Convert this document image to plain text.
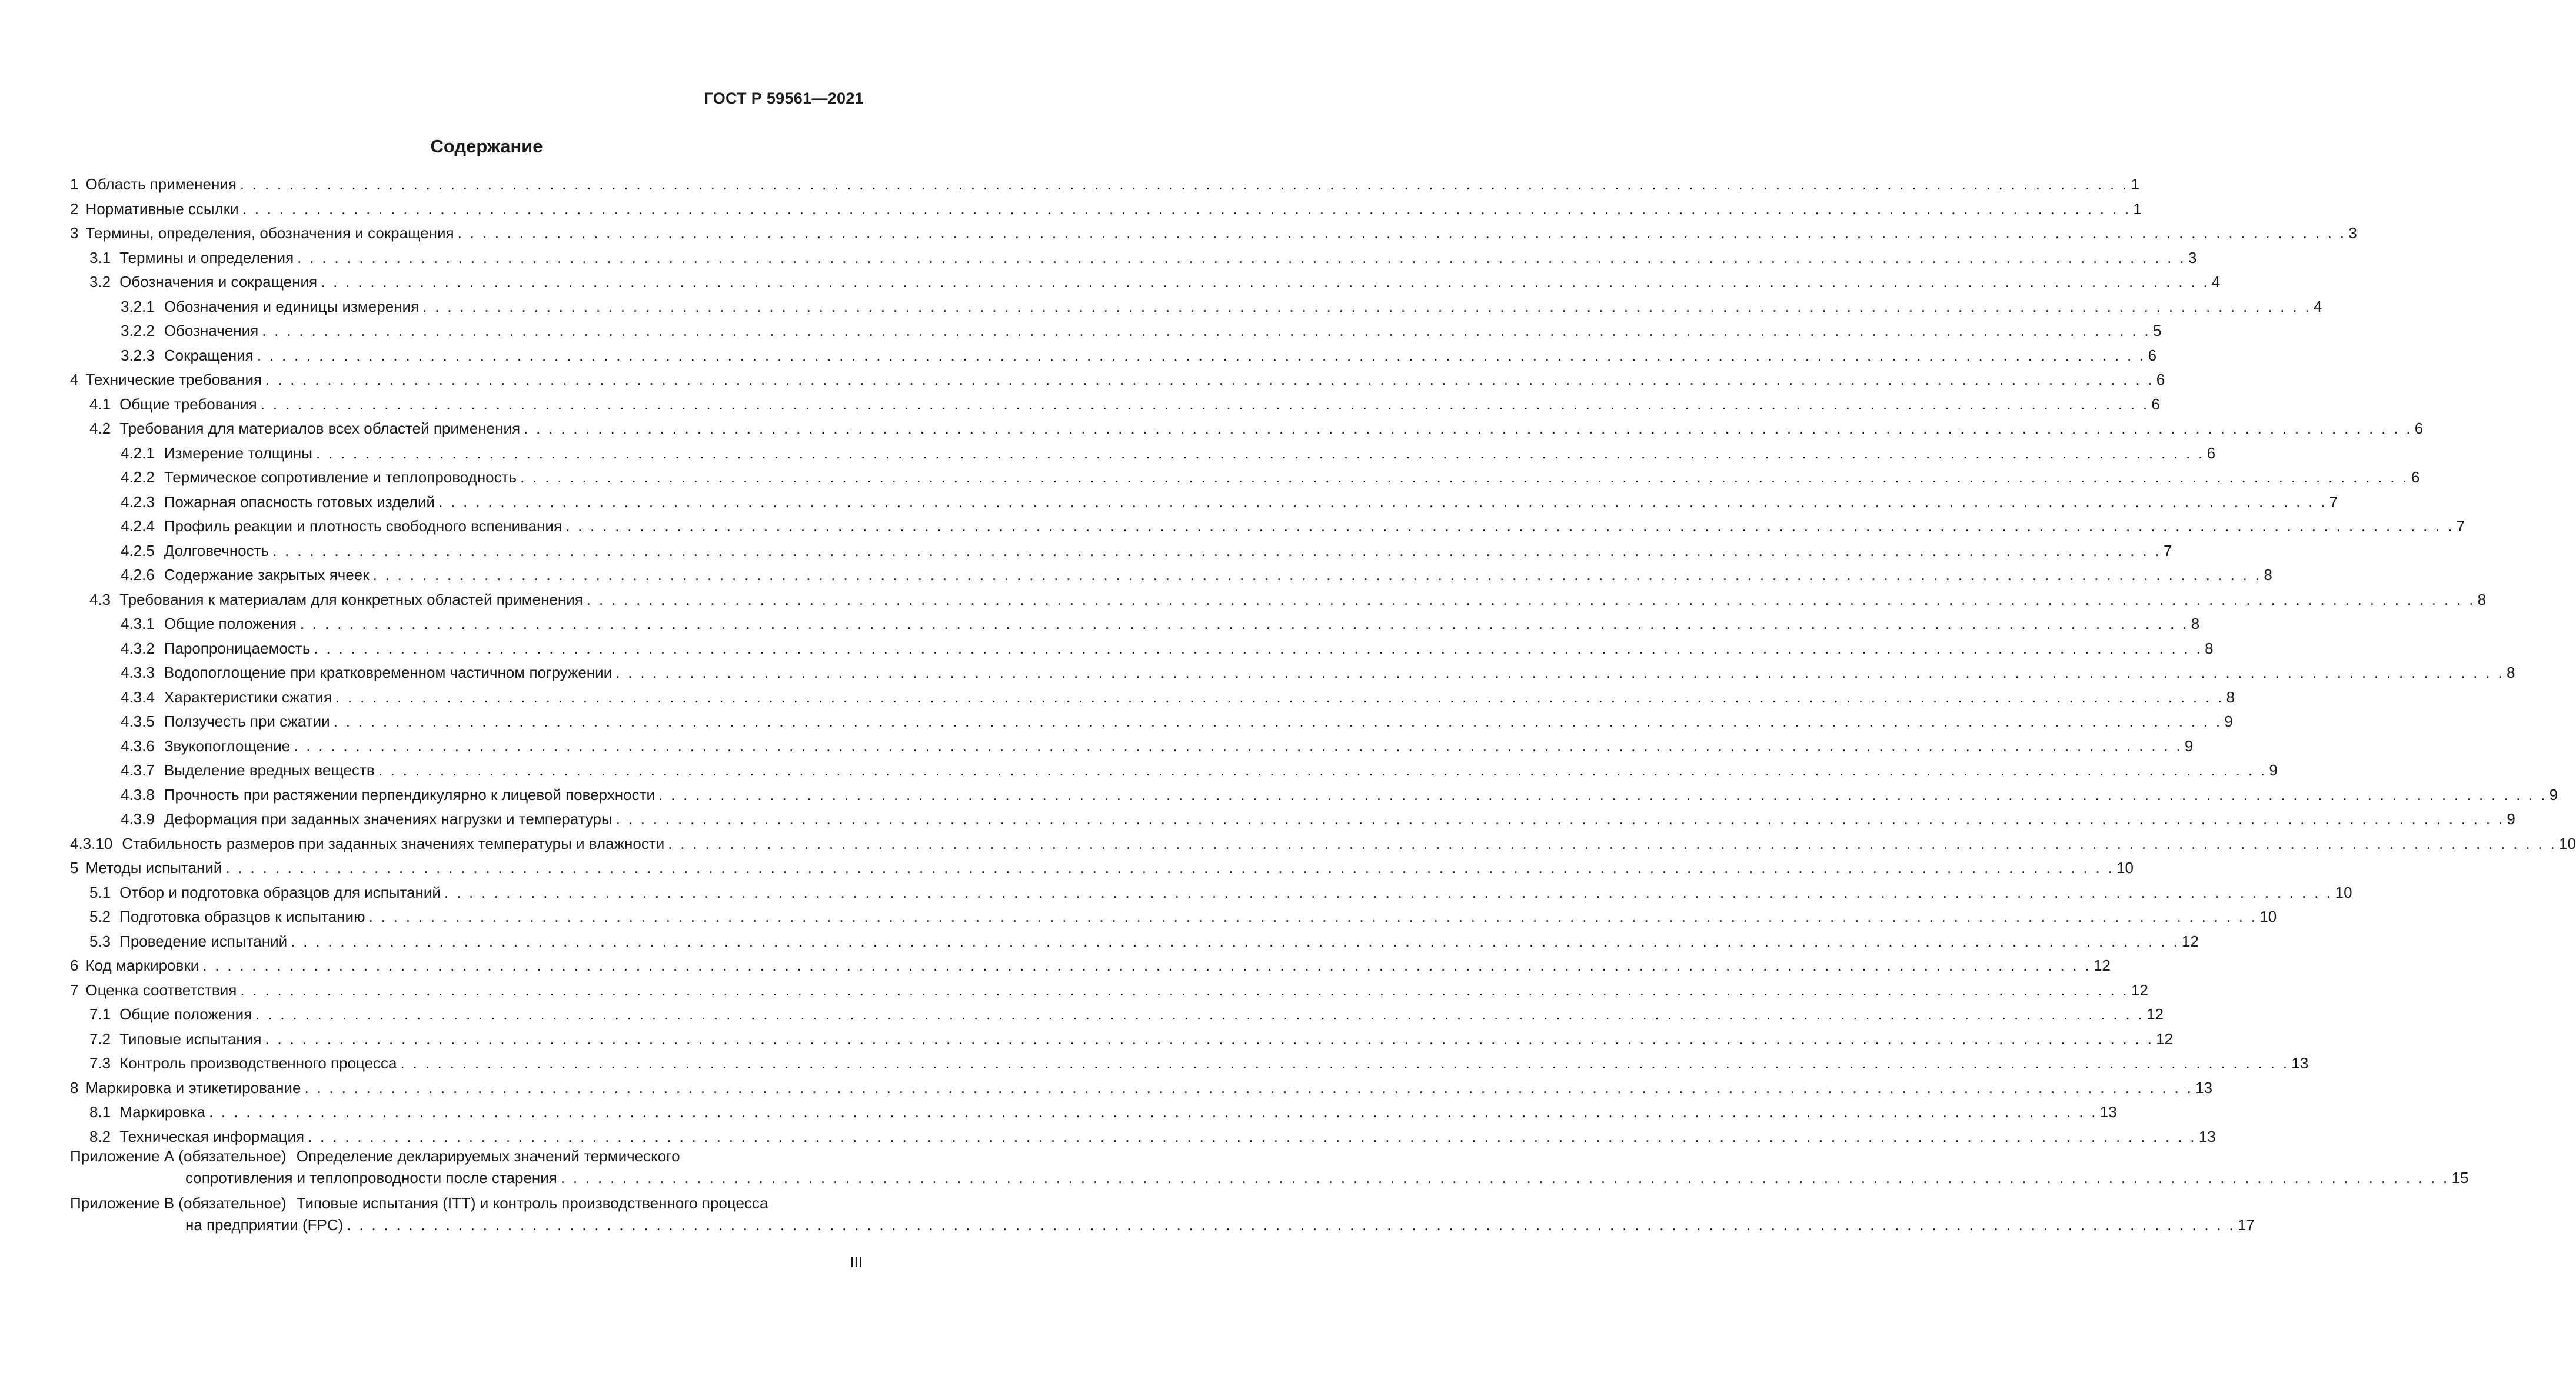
ГОСТ Р 59561—2021
Содержание
1 Область применения . . . . . . . . . . . . . . . . . . . . . . . . . . . . . . . . . . . . . . . . . . . . . . . . . . . . . . . . . . . . . . . . . . . . . . . . . . . . . . . . . . . . . . . . . . . . . . . . . . . . . . . . . . . . . . . . . . . . . . . . . . . . . . . . . . . . . . . . . . . . . . . . . . . . . . . . . 1
2 Нормативные ссылки . . . . . . . . . . . . . . . . . . . . . . . . . . . . . . . . . . . . . . . . . . . . . . . . . . . . . . . . . . . . . . . . . . . . . . . . . . . . . . . . . . . . . . . . . . . . . . . . . . . . . . . . . . . . . . . . . . . . . . . . . . . . . . . . . . . . . . . . . . . . . . . . . . . . . . . . . 1
3 Термины, определения, обозначения и сокращения . . . . . . . . . . . . . . . . . . . . . . . . . . . . . . . . . . . . . . . . . . . . . . . . . . . . . . . . . . . . . . . . . . . . . . . . . . . . . . . . . . . . . . . . . . . . . . . . . . . . . . . . . . . . . . . . . . . . . . . . . . . . . . . . . . . . . . . . . . . . . . . . . . . . . . . . . 3
3.1 Термины и определения . . . . . . . . . . . . . . . . . . . . . . . . . . . . . . . . . . . . . . . . . . . . . . . . . . . . . . . . . . . . . . . . . . . . . . . . . . . . . . . . . . . . . . . . . . . . . . . . . . . . . . . . . . . . . . . . . . . . . . . . . . . . . . . . . . . . . . . . . . . . . . . . . . . . . . . . . 3
3.2 Обозначения и сокращения . . . . . . . . . . . . . . . . . . . . . . . . . . . . . . . . . . . . . . . . . . . . . . . . . . . . . . . . . . . . . . . . . . . . . . . . . . . . . . . . . . . . . . . . . . . . . . . . . . . . . . . . . . . . . . . . . . . . . . . . . . . . . . . . . . . . . . . . . . . . . . . . . . . . . . . . . 4
3.2.1 Обозначения и единицы измерения . . . . . . . . . . . . . . . . . . . . . . . . . . . . . . . . . . . . . . . . . . . . . . . . . . . . . . . . . . . . . . . . . . . . . . . . . . . . . . . . . . . . . . . . . . . . . . . . . . . . . . . . . . . . . . . . . . . . . . . . . . . . . . . . . . . . . . . . . . . . . . . . . . . . . . . . . 4
3.2.2 Обозначения . . . . . . . . . . . . . . . . . . . . . . . . . . . . . . . . . . . . . . . . . . . . . . . . . . . . . . . . . . . . . . . . . . . . . . . . . . . . . . . . . . . . . . . . . . . . . . . . . . . . . . . . . . . . . . . . . . . . . . . . . . . . . . . . . . . . . . . . . . . . . . . . . . . . . . . . . 5
3.2.3 Сокращения . . . . . . . . . . . . . . . . . . . . . . . . . . . . . . . . . . . . . . . . . . . . . . . . . . . . . . . . . . . . . . . . . . . . . . . . . . . . . . . . . . . . . . . . . . . . . . . . . . . . . . . . . . . . . . . . . . . . . . . . . . . . . . . . . . . . . . . . . . . . . . . . . . . . . . . . . 6
4 Технические требования . . . . . . . . . . . . . . . . . . . . . . . . . . . . . . . . . . . . . . . . . . . . . . . . . . . . . . . . . . . . . . . . . . . . . . . . . . . . . . . . . . . . . . . . . . . . . . . . . . . . . . . . . . . . . . . . . . . . . . . . . . . . . . . . . . . . . . . . . . . . . . . . . . . . . . . . . 6
4.1 Общие требования . . . . . . . . . . . . . . . . . . . . . . . . . . . . . . . . . . . . . . . . . . . . . . . . . . . . . . . . . . . . . . . . . . . . . . . . . . . . . . . . . . . . . . . . . . . . . . . . . . . . . . . . . . . . . . . . . . . . . . . . . . . . . . . . . . . . . . . . . . . . . . . . . . . . . . . . . 6
4.2 Требования для материалов всех областей применения . . . . . . . . . . . . . . . . . . . . . . . . . . . . . . . . . . . . . . . . . . . . . . . . . . . . . . . . . . . . . . . . . . . . . . . . . . . . . . . . . . . . . . . . . . . . . . . . . . . . . . . . . . . . . . . . . . . . . . . . . . . . . . . . . . . . . . . . . . . . . . . . . . . . . . . . . 6
4.2.1 Измерение толщины . . . . . . . . . . . . . . . . . . . . . . . . . . . . . . . . . . . . . . . . . . . . . . . . . . . . . . . . . . . . . . . . . . . . . . . . . . . . . . . . . . . . . . . . . . . . . . . . . . . . . . . . . . . . . . . . . . . . . . . . . . . . . . . . . . . . . . . . . . . . . . . . . . . . . . . . . 6
4.2.2 Термическое сопротивление и теплопроводность . . . . . . . . . . . . . . . . . . . . . . . . . . . . . . . . . . . . . . . . . . . . . . . . . . . . . . . . . . . . . . . . . . . . . . . . . . . . . . . . . . . . . . . . . . . . . . . . . . . . . . . . . . . . . . . . . . . . . . . . . . . . . . . . . . . . . . . . . . . . . . . . . . . . . . . . . 6
4.2.3 Пожарная опасность готовых изделий . . . . . . . . . . . . . . . . . . . . . . . . . . . . . . . . . . . . . . . . . . . . . . . . . . . . . . . . . . . . . . . . . . . . . . . . . . . . . . . . . . . . . . . . . . . . . . . . . . . . . . . . . . . . . . . . . . . . . . . . . . . . . . . . . . . . . . . . . . . . . . . . . . . . . . . . . 7
4.2.4 Профиль реакции и плотность свободного вспенивания . . . . . . . . . . . . . . . . . . . . . . . . . . . . . . . . . . . . . . . . . . . . . . . . . . . . . . . . . . . . . . . . . . . . . . . . . . . . . . . . . . . . . . . . . . . . . . . . . . . . . . . . . . . . . . . . . . . . . . . . . . . . . . . . . . . . . . . . . . . . . . . . . . . . . . . . . 7
4.2.5 Долговечность . . . . . . . . . . . . . . . . . . . . . . . . . . . . . . . . . . . . . . . . . . . . . . . . . . . . . . . . . . . . . . . . . . . . . . . . . . . . . . . . . . . . . . . . . . . . . . . . . . . . . . . . . . . . . . . . . . . . . . . . . . . . . . . . . . . . . . . . . . . . . . . . . . . . . . . . . 7
4.2.6 Содержание закрытых ячеек . . . . . . . . . . . . . . . . . . . . . . . . . . . . . . . . . . . . . . . . . . . . . . . . . . . . . . . . . . . . . . . . . . . . . . . . . . . . . . . . . . . . . . . . . . . . . . . . . . . . . . . . . . . . . . . . . . . . . . . . . . . . . . . . . . . . . . . . . . . . . . . . . . . . . . . . . 8
4.3 Требования к материалам для конкретных областей применения . . . . . . . . . . . . . . . . . . . . . . . . . . . . . . . . . . . . . . . . . . . . . . . . . . . . . . . . . . . . . . . . . . . . . . . . . . . . . . . . . . . . . . . . . . . . . . . . . . . . . . . . . . . . . . . . . . . . . . . . . . . . . . . . . . . . . . . . . . . . . . . . . . . . . . . . . 8
4.3.1 Общие положения . . . . . . . . . . . . . . . . . . . . . . . . . . . . . . . . . . . . . . . . . . . . . . . . . . . . . . . . . . . . . . . . . . . . . . . . . . . . . . . . . . . . . . . . . . . . . . . . . . . . . . . . . . . . . . . . . . . . . . . . . . . . . . . . . . . . . . . . . . . . . . . . . . . . . . . . . 8
4.3.2 Паропроницаемость . . . . . . . . . . . . . . . . . . . . . . . . . . . . . . . . . . . . . . . . . . . . . . . . . . . . . . . . . . . . . . . . . . . . . . . . . . . . . . . . . . . . . . . . . . . . . . . . . . . . . . . . . . . . . . . . . . . . . . . . . . . . . . . . . . . . . . . . . . . . . . . . . . . . . . . . . 8
4.3.3 Водопоглощение при кратковременном частичном погружении . . . . . . . . . . . . . . . . . . . . . . . . . . . . . . . . . . . . . . . . . . . . . . . . . . . . . . . . . . . . . . . . . . . . . . . . . . . . . . . . . . . . . . . . . . . . . . . . . . . . . . . . . . . . . . . . . . . . . . . . . . . . . . . . . . . . . . . . . . . . . . . . . . . . . . . . . 8
4.3.4 Характеристики сжатия . . . . . . . . . . . . . . . . . . . . . . . . . . . . . . . . . . . . . . . . . . . . . . . . . . . . . . . . . . . . . . . . . . . . . . . . . . . . . . . . . . . . . . . . . . . . . . . . . . . . . . . . . . . . . . . . . . . . . . . . . . . . . . . . . . . . . . . . . . . . . . . . . . . . . . . . . 8
4.3.5 Ползучесть при сжатии . . . . . . . . . . . . . . . . . . . . . . . . . . . . . . . . . . . . . . . . . . . . . . . . . . . . . . . . . . . . . . . . . . . . . . . . . . . . . . . . . . . . . . . . . . . . . . . . . . . . . . . . . . . . . . . . . . . . . . . . . . . . . . . . . . . . . . . . . . . . . . . . . . . . . . . . . 9
4.3.6 Звукопоглощение . . . . . . . . . . . . . . . . . . . . . . . . . . . . . . . . . . . . . . . . . . . . . . . . . . . . . . . . . . . . . . . . . . . . . . . . . . . . . . . . . . . . . . . . . . . . . . . . . . . . . . . . . . . . . . . . . . . . . . . . . . . . . . . . . . . . . . . . . . . . . . . . . . . . . . . . . 9
4.3.7 Выделение вредных веществ . . . . . . . . . . . . . . . . . . . . . . . . . . . . . . . . . . . . . . . . . . . . . . . . . . . . . . . . . . . . . . . . . . . . . . . . . . . . . . . . . . . . . . . . . . . . . . . . . . . . . . . . . . . . . . . . . . . . . . . . . . . . . . . . . . . . . . . . . . . . . . . . . . . . . . . . . 9
4.3.8 Прочность при растяжении перпендикулярно к лицевой поверхности . . . . . . . . . . . . . . . . . . . . . . . . . . . . . . . . . . . . . . . . . . . . . . . . . . . . . . . . . . . . . . . . . . . . . . . . . . . . . . . . . . . . . . . . . . . . . . . . . . . . . . . . . . . . . . . . . . . . . . . . . . . . . . . . . . . . . . . . . . . . . . . . . . . . . . . . . 9
4.3.9 Деформация при заданных значениях нагрузки и температуры . . . . . . . . . . . . . . . . . . . . . . . . . . . . . . . . . . . . . . . . . . . . . . . . . . . . . . . . . . . . . . . . . . . . . . . . . . . . . . . . . . . . . . . . . . . . . . . . . . . . . . . . . . . . . . . . . . . . . . . . . . . . . . . . . . . . . . . . . . . . . . . . . . . . . . . . . 9
4.3.10 Стабильность размеров при заданных значениях температуры и влажности . . . . . . . . . . . . . . . . . . . . . . . . . . . . . . . . . . . . . . . . . . . . . . . . . . . . . . . . . . . . . . . . . . . . . . . . . . . . . . . . . . . . . . . . . . . . . . . . . . . . . . . . . . . . . . . . . . . . . . . . . . . . . . . . . . . . . . . . . . . . . . . . . . . . . . . . . 10
5 Методы испытаний . . . . . . . . . . . . . . . . . . . . . . . . . . . . . . . . . . . . . . . . . . . . . . . . . . . . . . . . . . . . . . . . . . . . . . . . . . . . . . . . . . . . . . . . . . . . . . . . . . . . . . . . . . . . . . . . . . . . . . . . . . . . . . . . . . . . . . . . . . . . . . . . . . . . . . . . . 10
5.1 Отбор и подготовка образцов для испытаний . . . . . . . . . . . . . . . . . . . . . . . . . . . . . . . . . . . . . . . . . . . . . . . . . . . . . . . . . . . . . . . . . . . . . . . . . . . . . . . . . . . . . . . . . . . . . . . . . . . . . . . . . . . . . . . . . . . . . . . . . . . . . . . . . . . . . . . . . . . . . . . . . . . . . . . . . 10
5.2 Подготовка образцов к испытанию . . . . . . . . . . . . . . . . . . . . . . . . . . . . . . . . . . . . . . . . . . . . . . . . . . . . . . . . . . . . . . . . . . . . . . . . . . . . . . . . . . . . . . . . . . . . . . . . . . . . . . . . . . . . . . . . . . . . . . . . . . . . . . . . . . . . . . . . . . . . . . . . . . . . . . . . . 10
5.3 Проведение испытаний . . . . . . . . . . . . . . . . . . . . . . . . . . . . . . . . . . . . . . . . . . . . . . . . . . . . . . . . . . . . . . . . . . . . . . . . . . . . . . . . . . . . . . . . . . . . . . . . . . . . . . . . . . . . . . . . . . . . . . . . . . . . . . . . . . . . . . . . . . . . . . . . . . . . . . . . . 12
6 Код маркировки . . . . . . . . . . . . . . . . . . . . . . . . . . . . . . . . . . . . . . . . . . . . . . . . . . . . . . . . . . . . . . . . . . . . . . . . . . . . . . . . . . . . . . . . . . . . . . . . . . . . . . . . . . . . . . . . . . . . . . . . . . . . . . . . . . . . . . . . . . . . . . . . . . . . . . . . . 12
7 Оценка соответствия . . . . . . . . . . . . . . . . . . . . . . . . . . . . . . . . . . . . . . . . . . . . . . . . . . . . . . . . . . . . . . . . . . . . . . . . . . . . . . . . . . . . . . . . . . . . . . . . . . . . . . . . . . . . . . . . . . . . . . . . . . . . . . . . . . . . . . . . . . . . . . . . . . . . . . . . . 12
7.1 Общие положения . . . . . . . . . . . . . . . . . . . . . . . . . . . . . . . . . . . . . . . . . . . . . . . . . . . . . . . . . . . . . . . . . . . . . . . . . . . . . . . . . . . . . . . . . . . . . . . . . . . . . . . . . . . . . . . . . . . . . . . . . . . . . . . . . . . . . . . . . . . . . . . . . . . . . . . . . 12
7.2 Типовые испытания . . . . . . . . . . . . . . . . . . . . . . . . . . . . . . . . . . . . . . . . . . . . . . . . . . . . . . . . . . . . . . . . . . . . . . . . . . . . . . . . . . . . . . . . . . . . . . . . . . . . . . . . . . . . . . . . . . . . . . . . . . . . . . . . . . . . . . . . . . . . . . . . . . . . . . . . . 12
7.3 Контроль производственного процесса . . . . . . . . . . . . . . . . . . . . . . . . . . . . . . . . . . . . . . . . . . . . . . . . . . . . . . . . . . . . . . . . . . . . . . . . . . . . . . . . . . . . . . . . . . . . . . . . . . . . . . . . . . . . . . . . . . . . . . . . . . . . . . . . . . . . . . . . . . . . . . . . . . . . . . . . . 13
8 Маркировка и этикетирование . . . . . . . . . . . . . . . . . . . . . . . . . . . . . . . . . . . . . . . . . . . . . . . . . . . . . . . . . . . . . . . . . . . . . . . . . . . . . . . . . . . . . . . . . . . . . . . . . . . . . . . . . . . . . . . . . . . . . . . . . . . . . . . . . . . . . . . . . . . . . . . . . . . . . . . . . 13
8.1 Маркировка . . . . . . . . . . . . . . . . . . . . . . . . . . . . . . . . . . . . . . . . . . . . . . . . . . . . . . . . . . . . . . . . . . . . . . . . . . . . . . . . . . . . . . . . . . . . . . . . . . . . . . . . . . . . . . . . . . . . . . . . . . . . . . . . . . . . . . . . . . . . . . . . . . . . . . . . . 13
8.2 Техническая информация . . . . . . . . . . . . . . . . . . . . . . . . . . . . . . . . . . . . . . . . . . . . . . . . . . . . . . . . . . . . . . . . . . . . . . . . . . . . . . . . . . . . . . . . . . . . . . . . . . . . . . . . . . . . . . . . . . . . . . . . . . . . . . . . . . . . . . . . . . . . . . . . . . . . . . . . . 13
Приложение А (обязательное) Определение декларируемых значений термического
сопротивления и теплопроводности после старения . . . . . . . . . . . . . . . . . . . . . . . . . . . . . . . . . . . . . . . . . . . . . . . . . . . . . . . . . . . . . . . . . . . . . . . . . . . . . . . . . . . . . . . . . . . . . . . . . . . . . . . . . . . . . . . . . . . . . . . . . . . . . . . . . . . . . . . . . . . . . . . . . . . . . . . . . 15
Приложение В (обязательное) Типовые испытания (ITT) и контроль производственного процесса
на предприятии (FPC) . . . . . . . . . . . . . . . . . . . . . . . . . . . . . . . . . . . . . . . . . . . . . . . . . . . . . . . . . . . . . . . . . . . . . . . . . . . . . . . . . . . . . . . . . . . . . . . . . . . . . . . . . . . . . . . . . . . . . . . . . . . . . . . . . . . . . . . . . . . . . . . . . . . . . . . . . 17
III
